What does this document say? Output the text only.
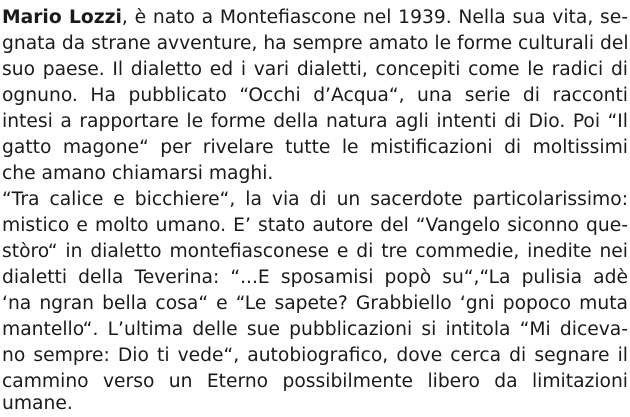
Mario Lozzi, è nato a Montefiascone nel 1939. Nella sua vita, se-
gnata da strane avventure, ha sempre amato le forme culturali del
suo paese. Il dialetto ed i vari dialetti, concepiti come le radici di
ognuno. Ha pubblicato “Occhi d’Acqua“, una serie di racconti
intesi a rapportare le forme della natura agli intenti di Dio. Poi “Il
gatto magone“ per rivelare tutte le mistificazioni di moltissimi
che amano chiamarsi maghi.
“Tra calice e bicchiere“, la via di un sacerdote particolarissimo:
mistico e molto umano. E’ stato autore del “Vangelo siconno que-
stòro“ in dialetto montefiasconese e di tre commedie, inedite nei
dialetti della Teverina: “...E sposamisi popò su“,“La pulisia adè
‘na ngran bella cosa“ e “Le sapete? Grabbiello ‘gni popoco muta
mantello“. L’ultima delle sue pubblicazioni si intitola “Mi diceva-
no sempre: Dio ti vede“, autobiografico, dove cerca di segnare il
cammino verso un Eterno possibilmente libero da limitazioni
umane.
